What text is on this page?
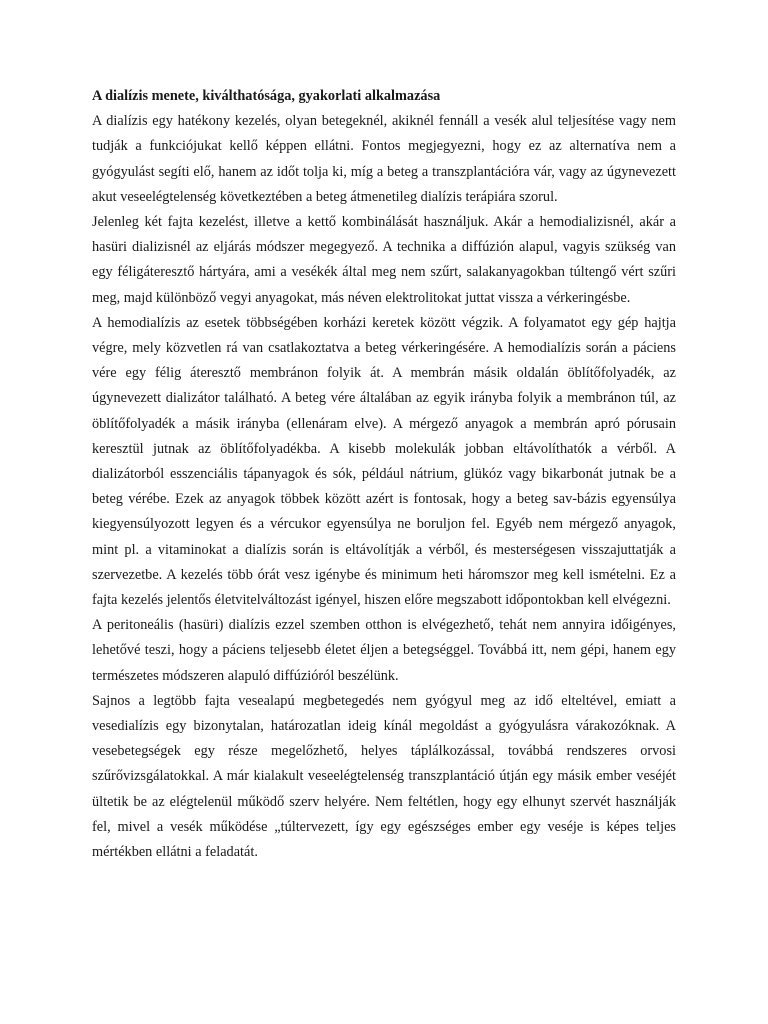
A dialízis menete, kiválthatósága, gyakorlati alkalmazása

A dialízis egy hatékony kezelés, olyan betegeknél, akiknél fennáll a vesék alul teljesítése vagy nem tudják a funkciójukat kellő képpen ellátni. Fontos megjegyezni, hogy ez az alternatíva nem a gyógyulást segíti elő, hanem az időt tolja ki, míg a beteg a transzplantációra vár, vagy az úgynevezett akut veseelégtelenség következtében a beteg átmenetileg dialízis terápiára szorul.

Jelenleg két fajta kezelést, illetve a kettő kombinálását használjuk. Akár a hemodializisnél, akár a hasüri dializisnél az eljárás módszer megegyező. A technika a diffúzión alapul, vagyis szükség van egy féligáteresztő hártyára, ami a vesékék által meg nem szűrt, salakanyagokban túltengő vért szűri meg, majd különböző vegyi anyagokat, más néven elektrolitokat juttat vissza a vérkeringésbe.

A hemodialízis az esetek többségében korházi keretek között végzik. A folyamatot egy gép hajtja végre, mely közvetlen rá van csatlakoztatva a beteg vérkeringésére. A hemodialízis során a páciens vére egy félig áteresztő membránon folyik át. A membrán másik oldalán öblítőfolyadék, az úgynevezett dializátor található. A beteg vére általában az egyik irányba folyik a membránon túl, az öblítőfolyadék a másik irányba (ellenáram elve). A mérgező anyagok a membrán apró pórusain keresztül jutnak az öblítőfolyadékba. A kisebb molekulák jobban eltávolíthatók a vérből. A dializátorból esszenciális tápanyagok és sók, például nátrium, glükóz vagy bikarbonát jutnak be a beteg vérébe. Ezek az anyagok többek között azért is fontosak, hogy a beteg sav-bázis egyensúlya kiegyensúlyozott legyen és a vércukor egyensúlya ne boruljon fel. Egyéb nem mérgező anyagok, mint pl. a vitaminokat a dialízis során is eltávolítják a vérből, és mesterségesen visszajuttatják a szervezetbe. A kezelés több órát vesz igénybe és minimum heti háromszor meg kell ismételni. Ez a fajta kezelés jelentős életvitelváltozást igényel, hiszen előre megszabott időpontokban kell elvégezni.

A peritoneális (hasüri) dialízis ezzel szemben otthon is elvégezhető, tehát nem annyira időigényes, lehetővé teszi, hogy a páciens teljesebb életet éljen a betegséggel. Továbbá itt, nem gépi, hanem egy természetes módszeren alapuló diffúzióról beszélünk.

Sajnos a legtöbb fajta vesealapú megbetegedés nem gyógyul meg az idő elteltével, emiatt a vesedialízis egy bizonytalan, határozatlan ideig kínál megoldást a gyógyulásra várakozóknak. A vesebetegségek egy része megelőzhető, helyes táplálkozással, továbbá rendszeres orvosi szűrővizsgálatokkal. A már kialakult veseelégtelenség transzplantáció útján egy másik ember veséjét ültetik be az elégtelenül működő szerv helyére. Nem feltétlen, hogy egy elhunyt szervét használják fel, mivel a vesék működése „túltervezett, így egy egészséges ember egy veséje is képes teljes mértékben ellátni a feladatát.
